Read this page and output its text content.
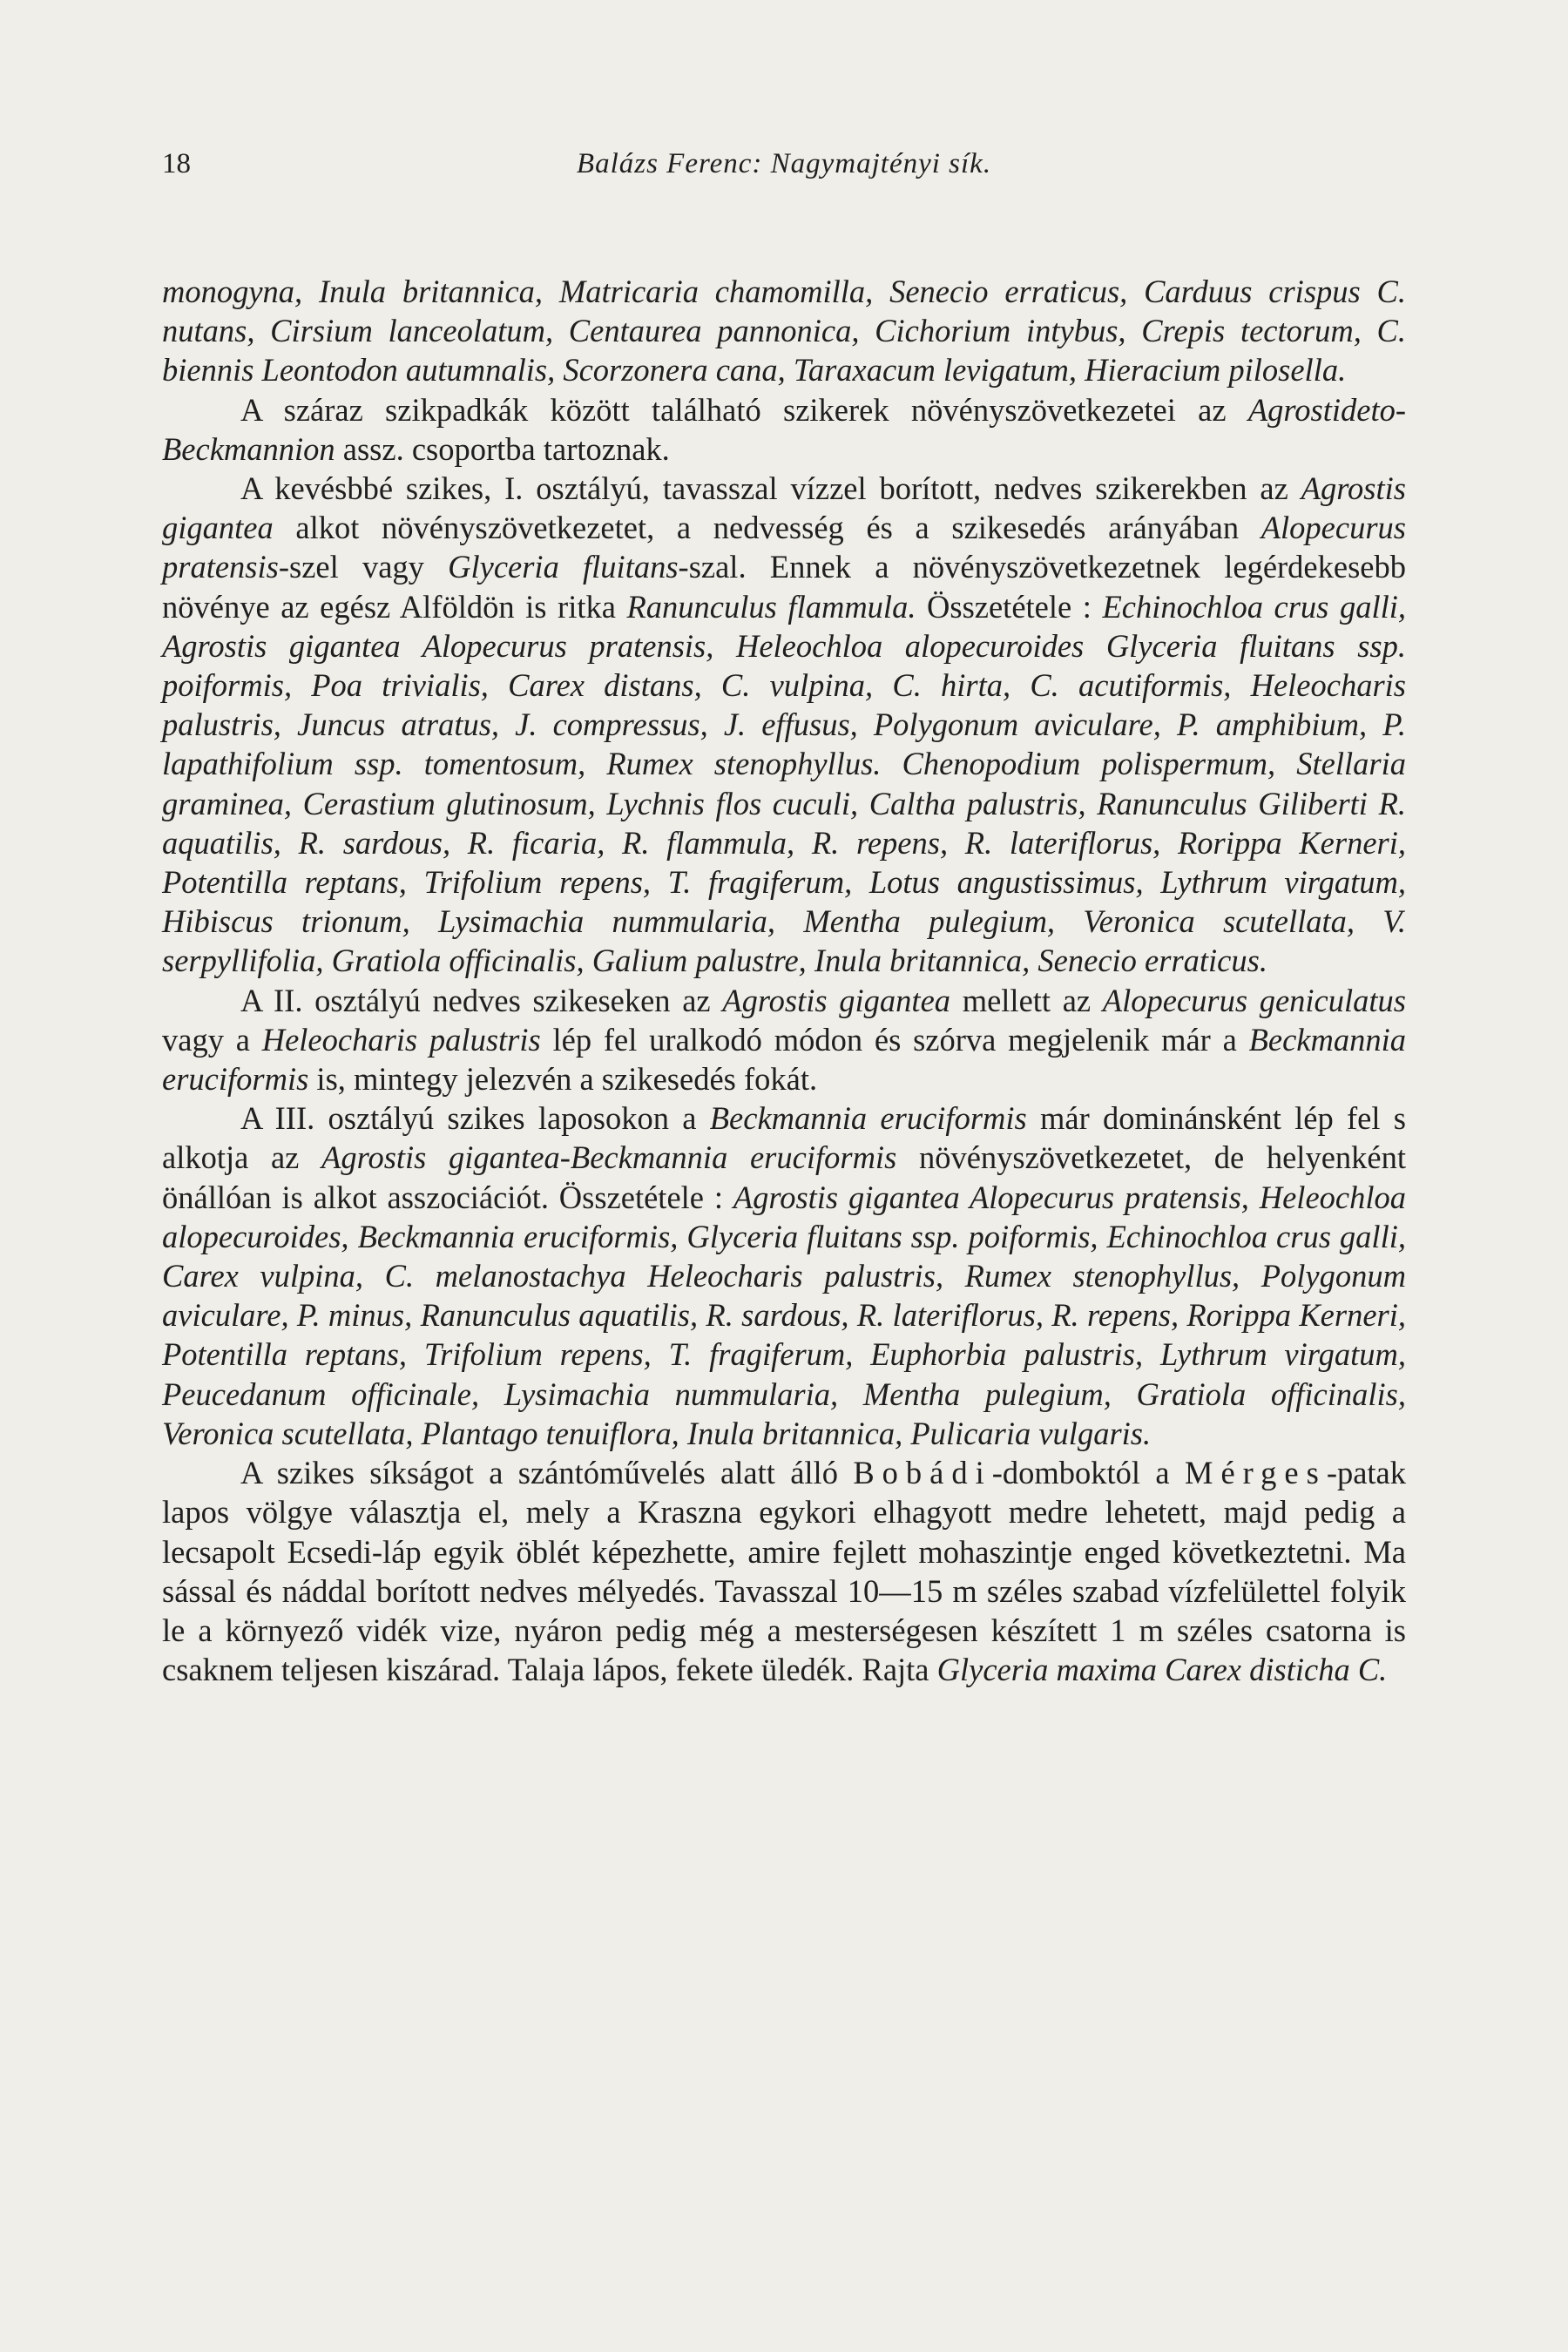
18	Balázs Ferenc: Nagymajtényi sík.

monogyna, Inula britannica, Matricaria chamomilla, Senecio erraticus, Carduus crispus C. nutans, Cirsium lanceolatum, Centaurea pannonica, Cichorium intybus, Crepis tectorum, C. biennis Leontodon autumnalis, Scorzonera cana, Taraxacum levigatum, Hieracium pilosella.

A száraz szikpadkák között található szikerek növényszövetkezetei az Agrostideto-Beckmannion assz. csoportba tartoznak.

A kevésbbé szikes, I. osztályú, tavasszal vízzel borított, nedves szikerekben az Agrostis gigantea alkot növényszövetkezetet, a nedvesség és a szikesedés arányában Alopecurus pratensis-szel vagy Glyceria fluitans-szal. Ennek a növényszövetkezetnek legérdekesebb növénye az egész Alföldön is ritka Ranunculus flammula. Összetétele : Echinochloa crus galli, Agrostis gigantea Alopecurus pratensis, Heleochloa alopecuroides Glyceria fluitans ssp. poiformis, Poa trivialis, Carex distans, C. vulpina, C. hirta, C. acutiformis, Heleocharis palustris, Juncus atratus, J. compressus, J. effusus, Polygonum aviculare, P. amphibium, P. lapathifolium ssp. tomentosum, Rumex stenophyllus. Chenopodium polispermum, Stellaria graminea, Cerastium glutinosum, Lychnis flos cuculi, Caltha palustris, Ranunculus Giliberti R. aquatilis, R. sardous, R. ficaria, R. flammula, R. repens, R. lateriflorus, Rorippa Kerneri, Potentilla reptans, Trifolium repens, T. fragiferum, Lotus angustissimus, Lythrum virgatum, Hibiscus trionum, Lysimachia nummularia, Mentha pulegium, Veronica scutellata, V. serpyllifolia, Gratiola officinalis, Galium palustre, Inula britannica, Senecio erraticus.

A II. osztályú nedves szikeseken az Agrostis gigantea mellett az Alopecurus geniculatus vagy a Heleocharis palustris lép fel uralkodó módon és szórva megjelenik már a Beckmannia eruciformis is, mintegy jelezvén a szikesedés fokát.

A III. osztályú szikes laposokon a Beckmannia eruciformis már dominánsként lép fel s alkotja az Agrostis gigantea-Beckmannia eruciformis növényszövetkezetet, de helyenként önállóan is alkot asszociációt. Összetétele : Agrostis gigantea Alopecurus pratensis, Heleochloa alopecuroides, Beckmannia eruciformis, Glyceria fluitans ssp. poiformis, Echinochloa crus galli, Carex vulpina, C. melanostachya Heleocharis palustris, Rumex stenophyllus, Polygonum aviculare, P. minus, Ranunculus aquatilis, R. sardous, R. lateriflorus, R. repens, Rorippa Kerneri, Potentilla reptans, Trifolium repens, T. fragiferum, Euphorbia palustris, Lythrum virgatum, Peucedanum officinale, Lysimachia nummularia, Mentha pulegium, Gratiola officinalis, Veronica scutellata, Plantago tenuiflora, Inula britannica, Pulicaria vulgaris.

A szikes síkságot a szántóművelés alatt álló Bobádi-domboktól a Mérges-patak lapos völgye választja el, mely a Kraszna egykori elhagyott medre lehetett, majd pedig a lecsapolt Ecsedi-láp egyik öblét képezhette, amire fejlett mohaszintje enged következtetni. Ma sással és náddal borított nedves mélyedés. Tavasszal 10—15 m széles szabad vízfelülettel folyik le a környező vidék vize, nyáron pedig még a mesterségesen készített 1 m széles csatorna is csaknem teljesen kiszárad. Talaja lápos, fekete üledék. Rajta Glyceria maxima Carex disticha C.
